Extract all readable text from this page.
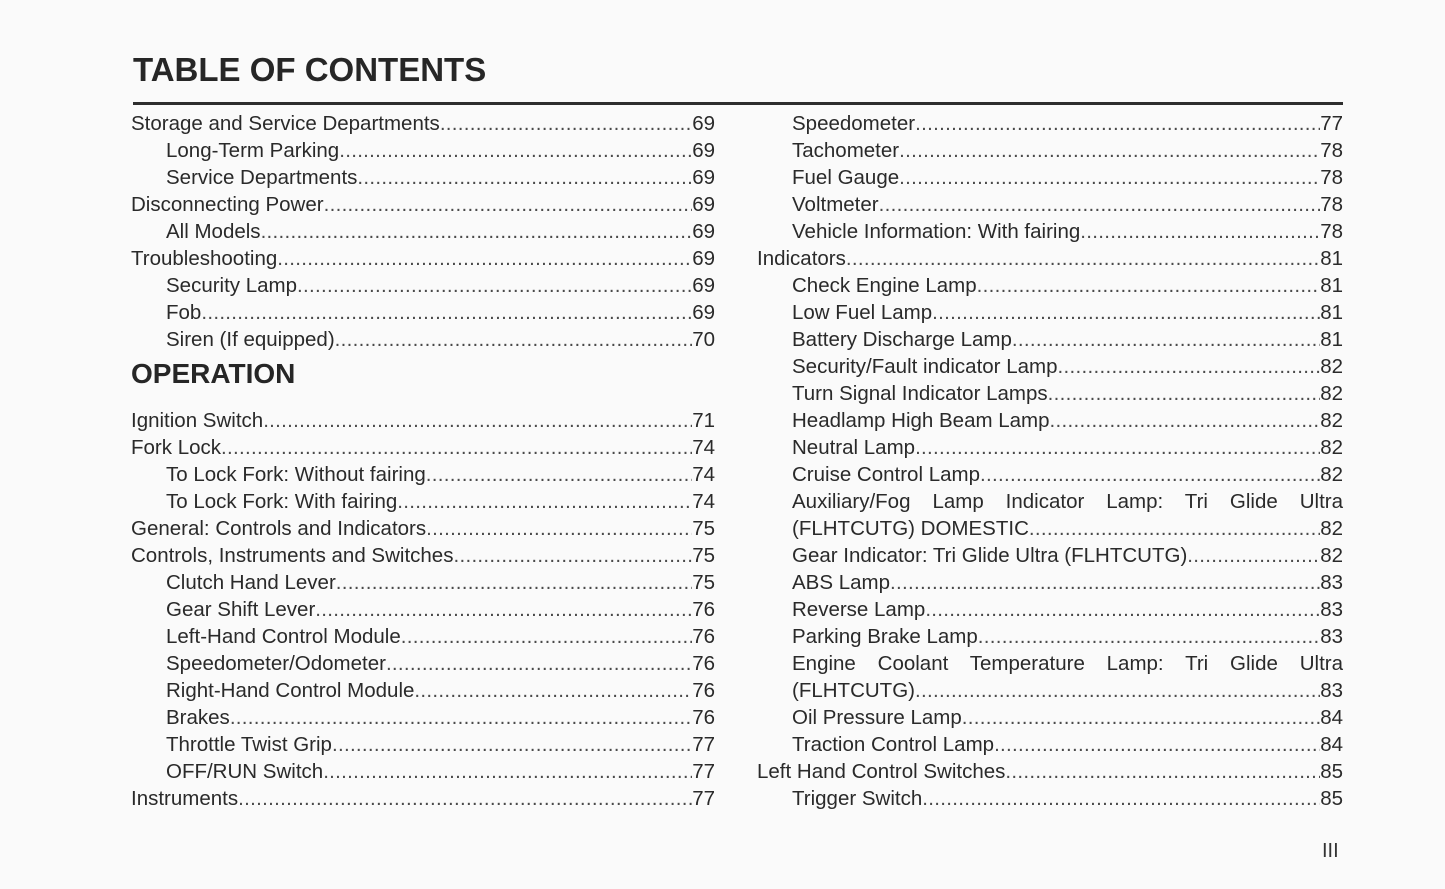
TABLE OF CONTENTS
Storage and Service Departments .....	69
Long-Term Parking .....	69
Service Departments .....	69
Disconnecting Power .....	69
All Models .....	69
Troubleshooting .....	69
Security Lamp .....	69
Fob .....	69
Siren (If equipped) .....	70
OPERATION
Ignition Switch .....	71
Fork Lock .....	74
To Lock Fork: Without fairing .....	74
To Lock Fork: With fairing .....	74
General: Controls and Indicators .....	75
Controls, Instruments and Switches .....	75
Clutch Hand Lever .....	75
Gear Shift Lever .....	76
Left-Hand Control Module .....	76
Speedometer/Odometer .....	76
Right-Hand Control Module .....	76
Brakes .....	76
Throttle Twist Grip .....	77
OFF/RUN Switch .....	77
Instruments .....	77
Speedometer .....	77
Tachometer .....	78
Fuel Gauge .....	78
Voltmeter .....	78
Vehicle Information: With fairing .....	78
Indicators .....	81
Check Engine Lamp .....	81
Low Fuel Lamp .....	81
Battery Discharge Lamp .....	81
Security/Fault indicator Lamp .....	82
Turn Signal Indicator Lamps .....	82
Headlamp High Beam Lamp .....	82
Neutral Lamp .....	82
Cruise Control Lamp .....	82
Auxiliary/Fog Lamp Indicator Lamp: Tri Glide Ultra
(FLHTCUTG) DOMESTIC .....	82
Gear Indicator: Tri Glide Ultra (FLHTCUTG) .....	82
ABS Lamp .....	83
Reverse Lamp .....	83
Parking Brake Lamp .....	83
Engine Coolant Temperature Lamp: Tri Glide Ultra
(FLHTCUTG) .....	83
Oil Pressure Lamp .....	84
Traction Control Lamp .....	84
Left Hand Control Switches .....	85
Trigger Switch .....	85
III
